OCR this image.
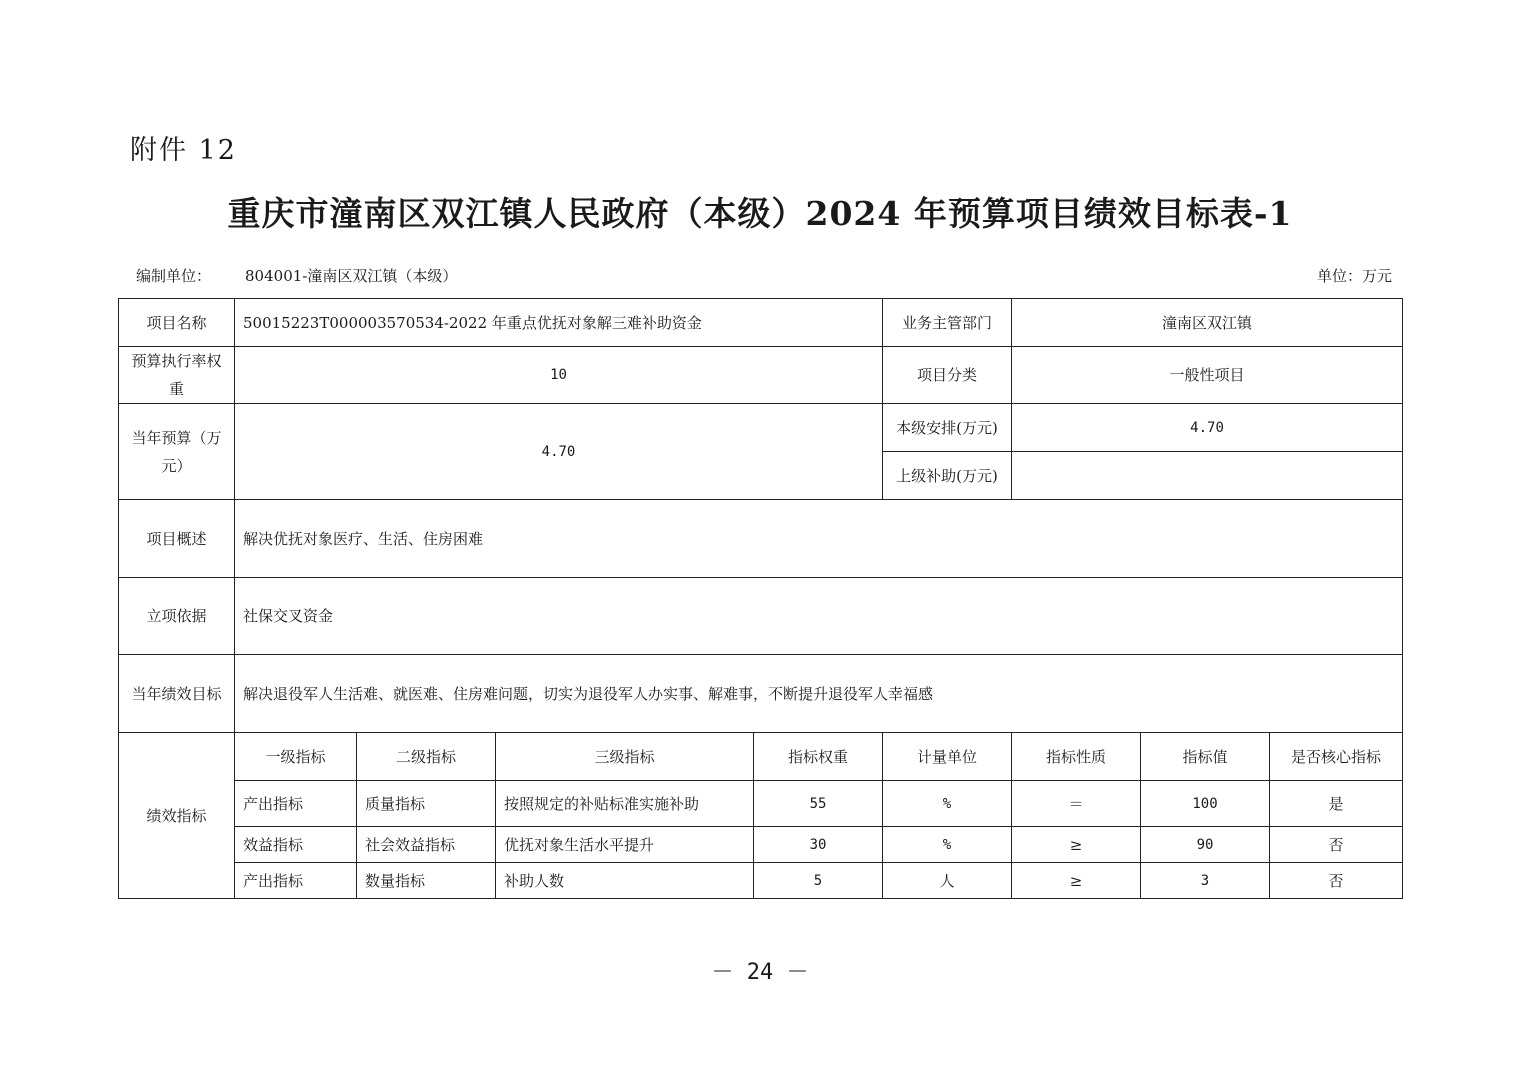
附件 12
重庆市潼南区双江镇人民政府（本级）2024 年预算项目绩效目标表-1
编制单位： 804001-潼南区双江镇（本级）	单位：万元
项目名称	50015223T000003570534-2022 年重点优抚对象解三难补助资金				业务主管部门	潼南区双江镇		
预算执行率权重	10				项目分类	一般性项目		
当年预算（万元）	4.70				本级安排(万元)	4.70		
					上级补助(万元)			
项目概述	解决优抚对象医疗、生活、住房困难							
立项依据	社保交叉资金							
当年绩效目标	解决退役军人生活难、就医难、住房难问题，切实为退役军人办实事、解难事，不断提升退役军人幸福感							
绩效指标	一级指标	二级指标	三级指标	指标权重	计量单位	指标性质	指标值	是否核心指标
	产出指标	质量指标	按照规定的补贴标准实施补助	55	%	＝	100	是
	效益指标	社会效益指标	优抚对象生活水平提升	30	%	≥	90	否
	产出指标	数量指标	补助人数	5	人	≥	3	否
－ 24 －
